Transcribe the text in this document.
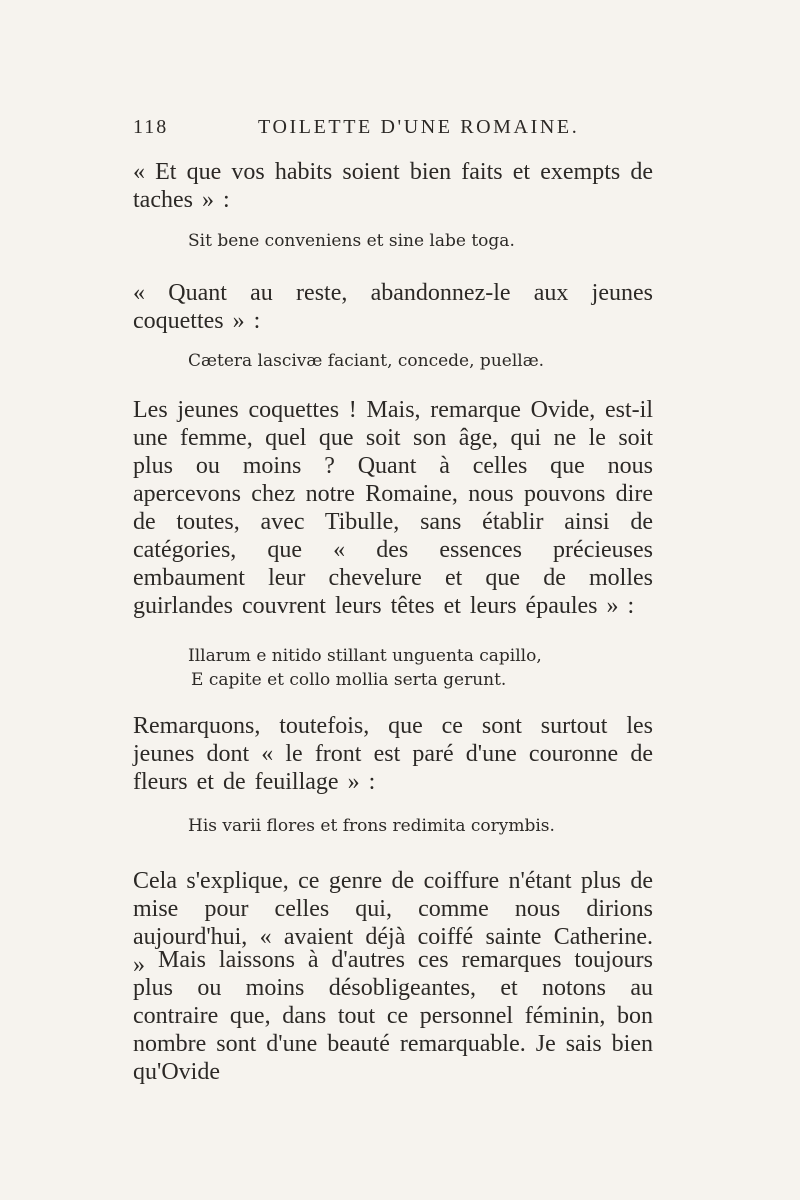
118	TOILETTE D'UNE ROMAINE.

« Et que vos habits soient bien faits et exempts de taches » :

Sit bene conveniens et sine labe toga.

« Quant au reste, abandonnez-le aux jeunes coquettes » :

Cætera lascivæ faciant, concede, puellæ.

Les jeunes coquettes ! Mais, remarque Ovide, est-il une femme, quel que soit son âge, qui ne le soit plus ou moins ? Quant à celles que nous apercevons chez notre Romaine, nous pouvons dire de toutes, avec Tibulle, sans établir ainsi de catégories, que « des essences précieuses embaument leur chevelure et que de molles guirlandes couvrent leurs têtes et leurs épaules » :

Illarum e nitido stillant unguenta capillo,
E capite et collo mollia serta gerunt.

Remarquons, toutefois, que ce sont surtout les jeunes dont « le front est paré d'une couronne de fleurs et de feuillage » :

His varii flores et frons redimita corymbis.

Cela s'explique, ce genre de coiffure n'étant plus de mise pour celles qui, comme nous dirions aujourd'hui, « avaient déjà coiffé sainte Catherine. » Mais laissons à d'autres ces remarques toujours plus ou moins désobligeantes, et notons au contraire que, dans tout ce personnel féminin, bon nombre sont d'une beauté remarquable. Je sais bien qu'Ovide
